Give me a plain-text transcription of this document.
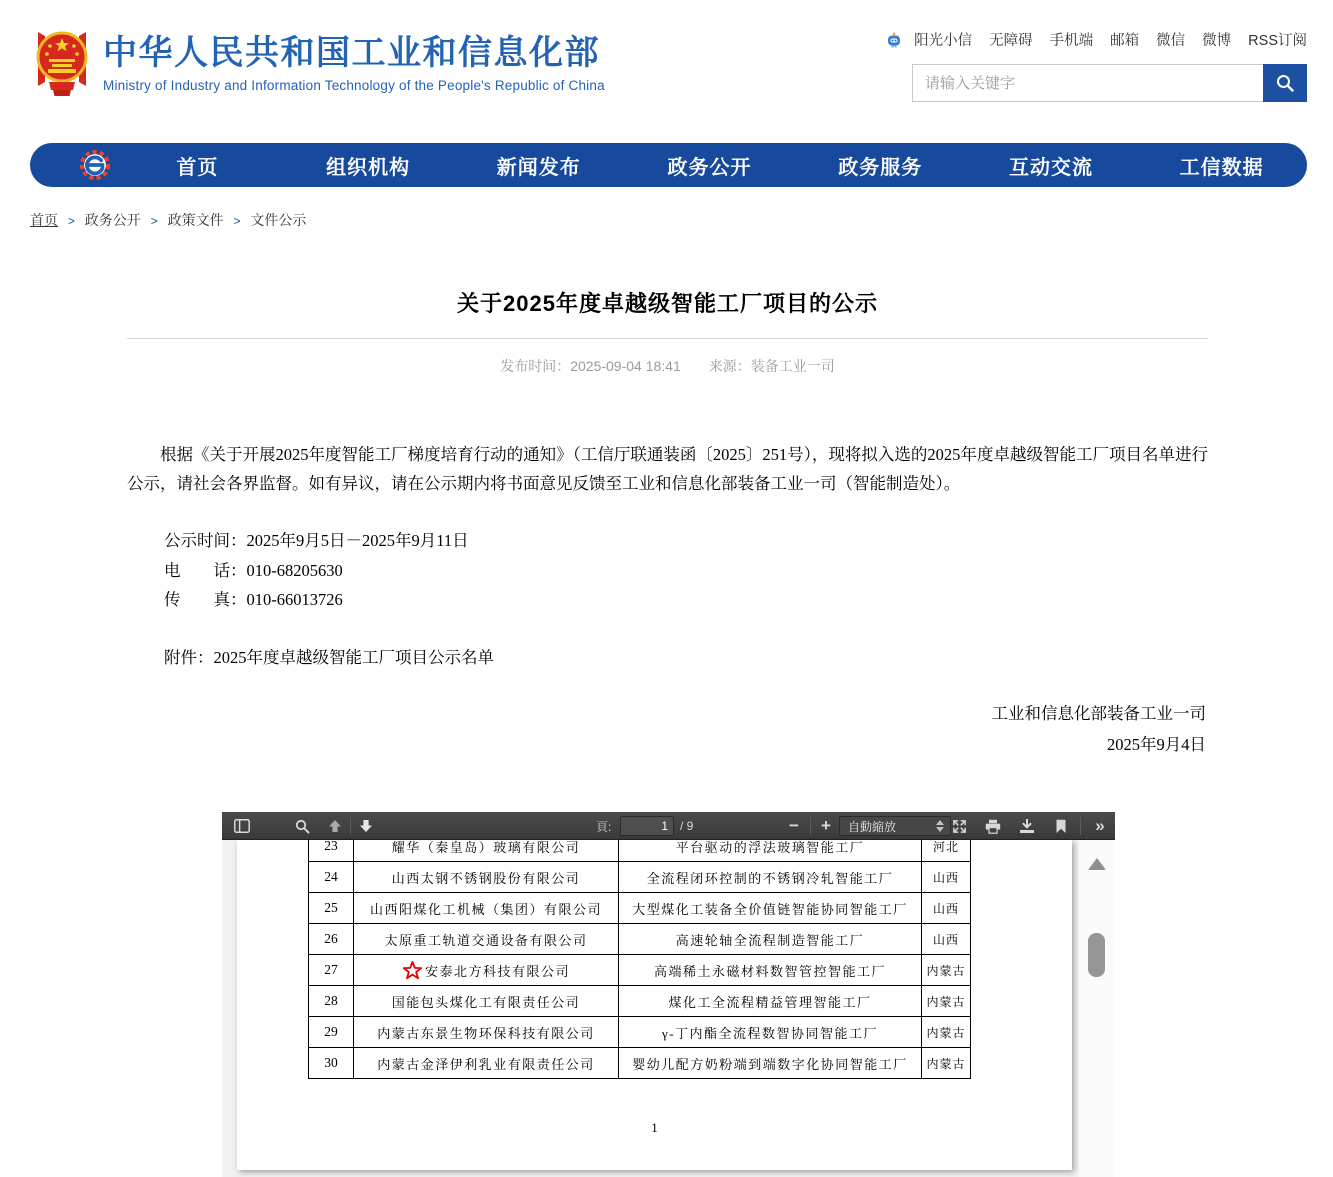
中华人民共和国工业和信息化部
Ministry of Industry and Information Technology of the People's Republic of China
阳光小信 无障碍 手机端 邮箱 微信 微博 RSS订阅
请输入关键字
首页	组织机构	新闻发布	政务公开	政务服务	互动交流	工信数据
首页 > 政务公开 > 政策文件 > 文件公示
关于2025年度卓越级智能工厂项目的公示
发布时间：2025-09-04 18:41 来源：装备工业一司
根据《关于开展2025年度智能工厂梯度培育行动的通知》（工信厅联通装函〔2025〕251号），现将拟入选的2025年度卓越级智能工厂项目名单进行公示，请社会各界监督。如有异议，请在公示期内将书面意见反馈至工业和信息化部装备工业一司（智能制造处）。
公示时间：2025年9月5日－2025年9月11日
电　　话：010-68205630
传　　真：010-66013726
附件：2025年度卓越级智能工厂项目公示名单
工业和信息化部装备工业一司
2025年9月4日
頁:
1	/ 9	−	+	自動縮放	»
23	耀华（秦皇岛）玻璃有限公司	平台驱动的浮法玻璃智能工厂	河北
24	山西太钢不锈钢股份有限公司	全流程闭环控制的不锈钢冷轧智能工厂	山西
25	山西阳煤化工机械（集团）有限公司	大型煤化工装备全价值链智能协同智能工厂	山西
26	太原重工轨道交通设备有限公司	高速轮轴全流程制造智能工厂	山西
27	安泰北方科技有限公司	高端稀土永磁材料数智管控智能工厂	内蒙古
28	国能包头煤化工有限责任公司	煤化工全流程精益管理智能工厂	内蒙古
29	内蒙古东景生物环保科技有限公司	γ-丁内酯全流程数智协同智能工厂	内蒙古
30	内蒙古金泽伊利乳业有限责任公司	婴幼儿配方奶粉端到端数字化协同智能工厂	内蒙古
1
